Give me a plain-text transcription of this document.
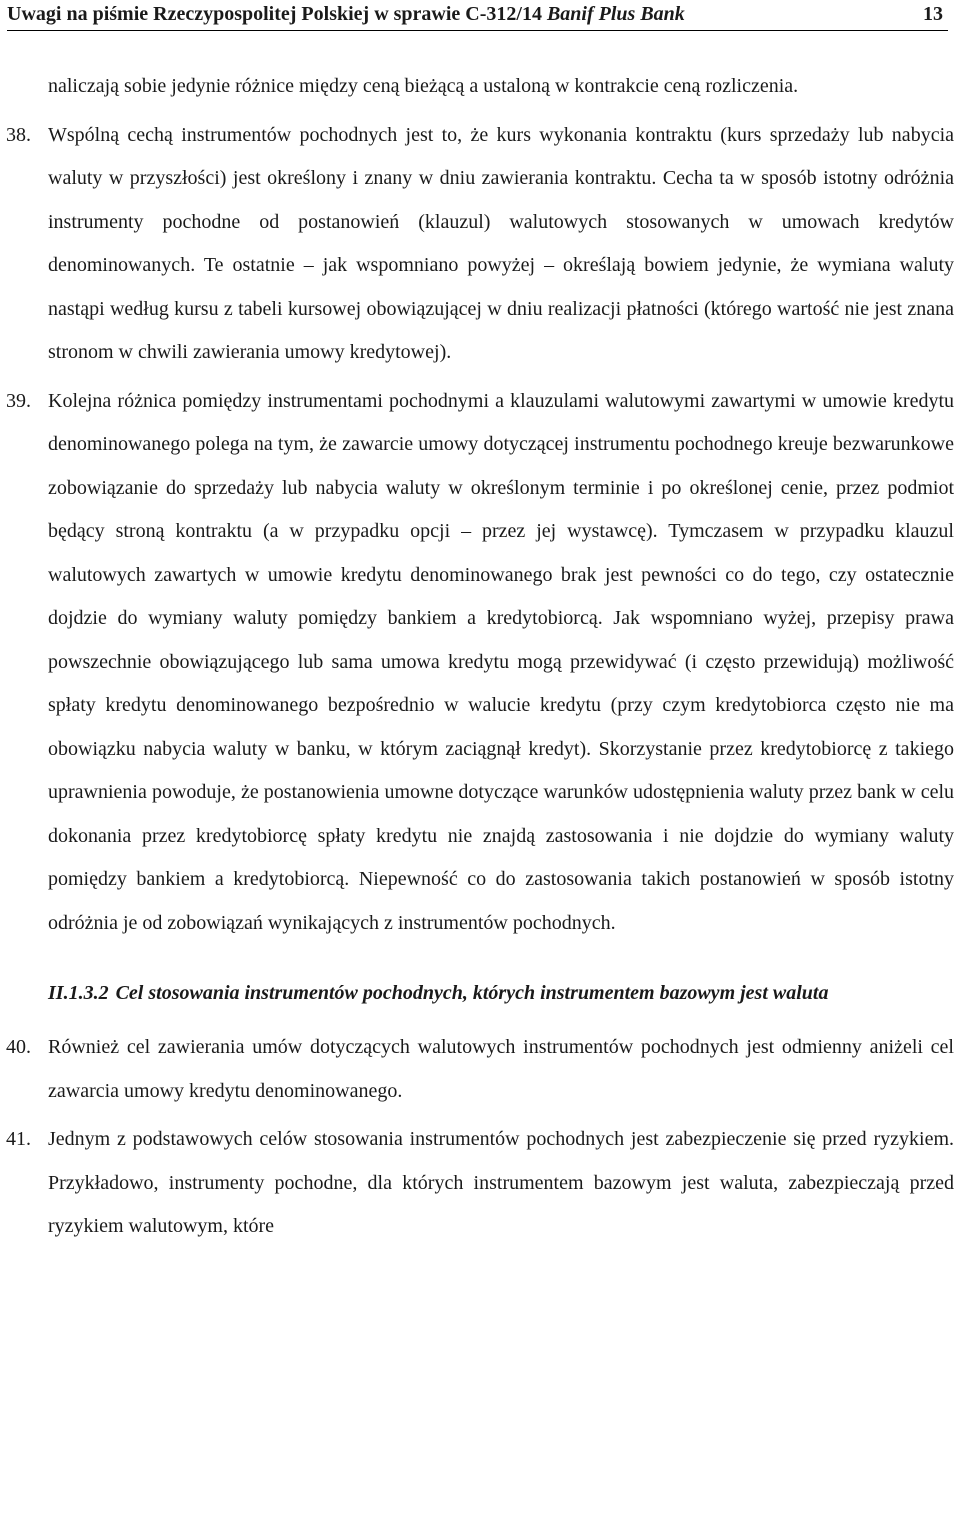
Uwagi na piśmie Rzeczypospolitej Polskiej w sprawie C-312/14 Banif Plus Bank	13

naliczają sobie jedynie różnice między ceną bieżącą a ustaloną w kontrakcie ceną rozliczenia.

38. Wspólną cechą instrumentów pochodnych jest to, że kurs wykonania kontraktu (kurs sprzedaży lub nabycia waluty w przyszłości) jest określony i znany w dniu zawierania kontraktu. Cecha ta w sposób istotny odróżnia instrumenty pochodne od postanowień (klauzul) walutowych stosowanych w umowach kredytów denominowanych. Te ostatnie – jak wspomniano powyżej – określają bowiem jedynie, że wymiana waluty nastąpi według kursu z tabeli kursowej obowiązującej w dniu realizacji płatności (którego wartość nie jest znana stronom w chwili zawierania umowy kredytowej).

39. Kolejna różnica pomiędzy instrumentami pochodnymi a klauzulami walutowymi zawartymi w umowie kredytu denominowanego polega na tym, że zawarcie umowy dotyczącej instrumentu pochodnego kreuje bezwarunkowe zobowiązanie do sprzedaży lub nabycia waluty w określonym terminie i po określonej cenie, przez podmiot będący stroną kontraktu (a w przypadku opcji – przez jej wystawcę). Tymczasem w przypadku klauzul walutowych zawartych w umowie kredytu denominowanego brak jest pewności co do tego, czy ostatecznie dojdzie do wymiany waluty pomiędzy bankiem a kredytobiorcą. Jak wspomniano wyżej, przepisy prawa powszechnie obowiązującego lub sama umowa kredytu mogą przewidywać (i często przewidują) możliwość spłaty kredytu denominowanego bezpośrednio w walucie kredytu (przy czym kredytobiorca często nie ma obowiązku nabycia waluty w banku, w którym zaciągnął kredyt). Skorzystanie przez kredytobiorcę z takiego uprawnienia powoduje, że postanowienia umowne dotyczące warunków udostępnienia waluty przez bank w celu dokonania przez kredytobiorcę spłaty kredytu nie znajdą zastosowania i nie dojdzie do wymiany waluty pomiędzy bankiem a kredytobiorcą. Niepewność co do zastosowania takich postanowień w sposób istotny odróżnia je od zobowiązań wynikających z instrumentów pochodnych.

II.1.3.2 Cel stosowania instrumentów pochodnych, których instrumentem bazowym jest waluta

40. Również cel zawierania umów dotyczących walutowych instrumentów pochodnych jest odmienny aniżeli cel zawarcia umowy kredytu denominowanego.

41. Jednym z podstawowych celów stosowania instrumentów pochodnych jest zabezpieczenie się przed ryzykiem. Przykładowo, instrumenty pochodne, dla których instrumentem bazowym jest waluta, zabezpieczają przed ryzykiem walutowym, które
